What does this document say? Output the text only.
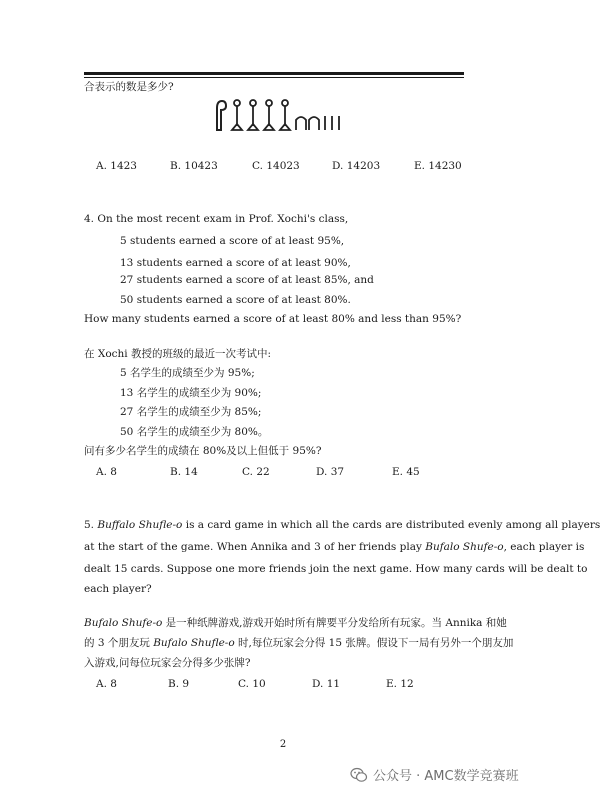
合表示的数是多少?
A. 1423	B. 10423	C. 14023	D. 14203	E. 14230
4. On the most recent exam in Prof. Xochi's class,
5 students earned a score of at least 95%,
13 students earned a score of at least 90%,
27 students earned a score of at least 85%, and
50 students earned a score of at least 80%.
How many students earned a score of at least 80% and less than 95%?
在 Xochi 教授的班级的最近一次考试中:
5 名学生的成绩至少为 95%;
13 名学生的成绩至少为 90%;
27 名学生的成绩至少为 85%;
50 名学生的成绩至少为 80%。
问有多少名学生的成绩在 80%及以上但低于 95%?
A. 8	B. 14	C. 22	D. 37	E. 45
5. Buffalo Shufle-o is a card game in which all the cards are distributed evenly among all players
at the start of the game. When Annika and 3 of her friends play Bufalo Shufe-o, each player is
dealt 15 cards. Suppose one more friends join the next game. How many cards will be dealt to
each player?
Bufalo Shufe-o 是一种纸牌游戏,游戏开始时所有牌要平分发给所有玩家。当 Annika 和她
的 3 个朋友玩 Bufalo Shufle-o 时,每位玩家会分得 15 张牌。假设下一局有另外一个朋友加
入游戏,问每位玩家会分得多少张牌?
A. 8	B. 9	C. 10	D. 11	E. 12
2
公众号 · AMC数学竞赛班
